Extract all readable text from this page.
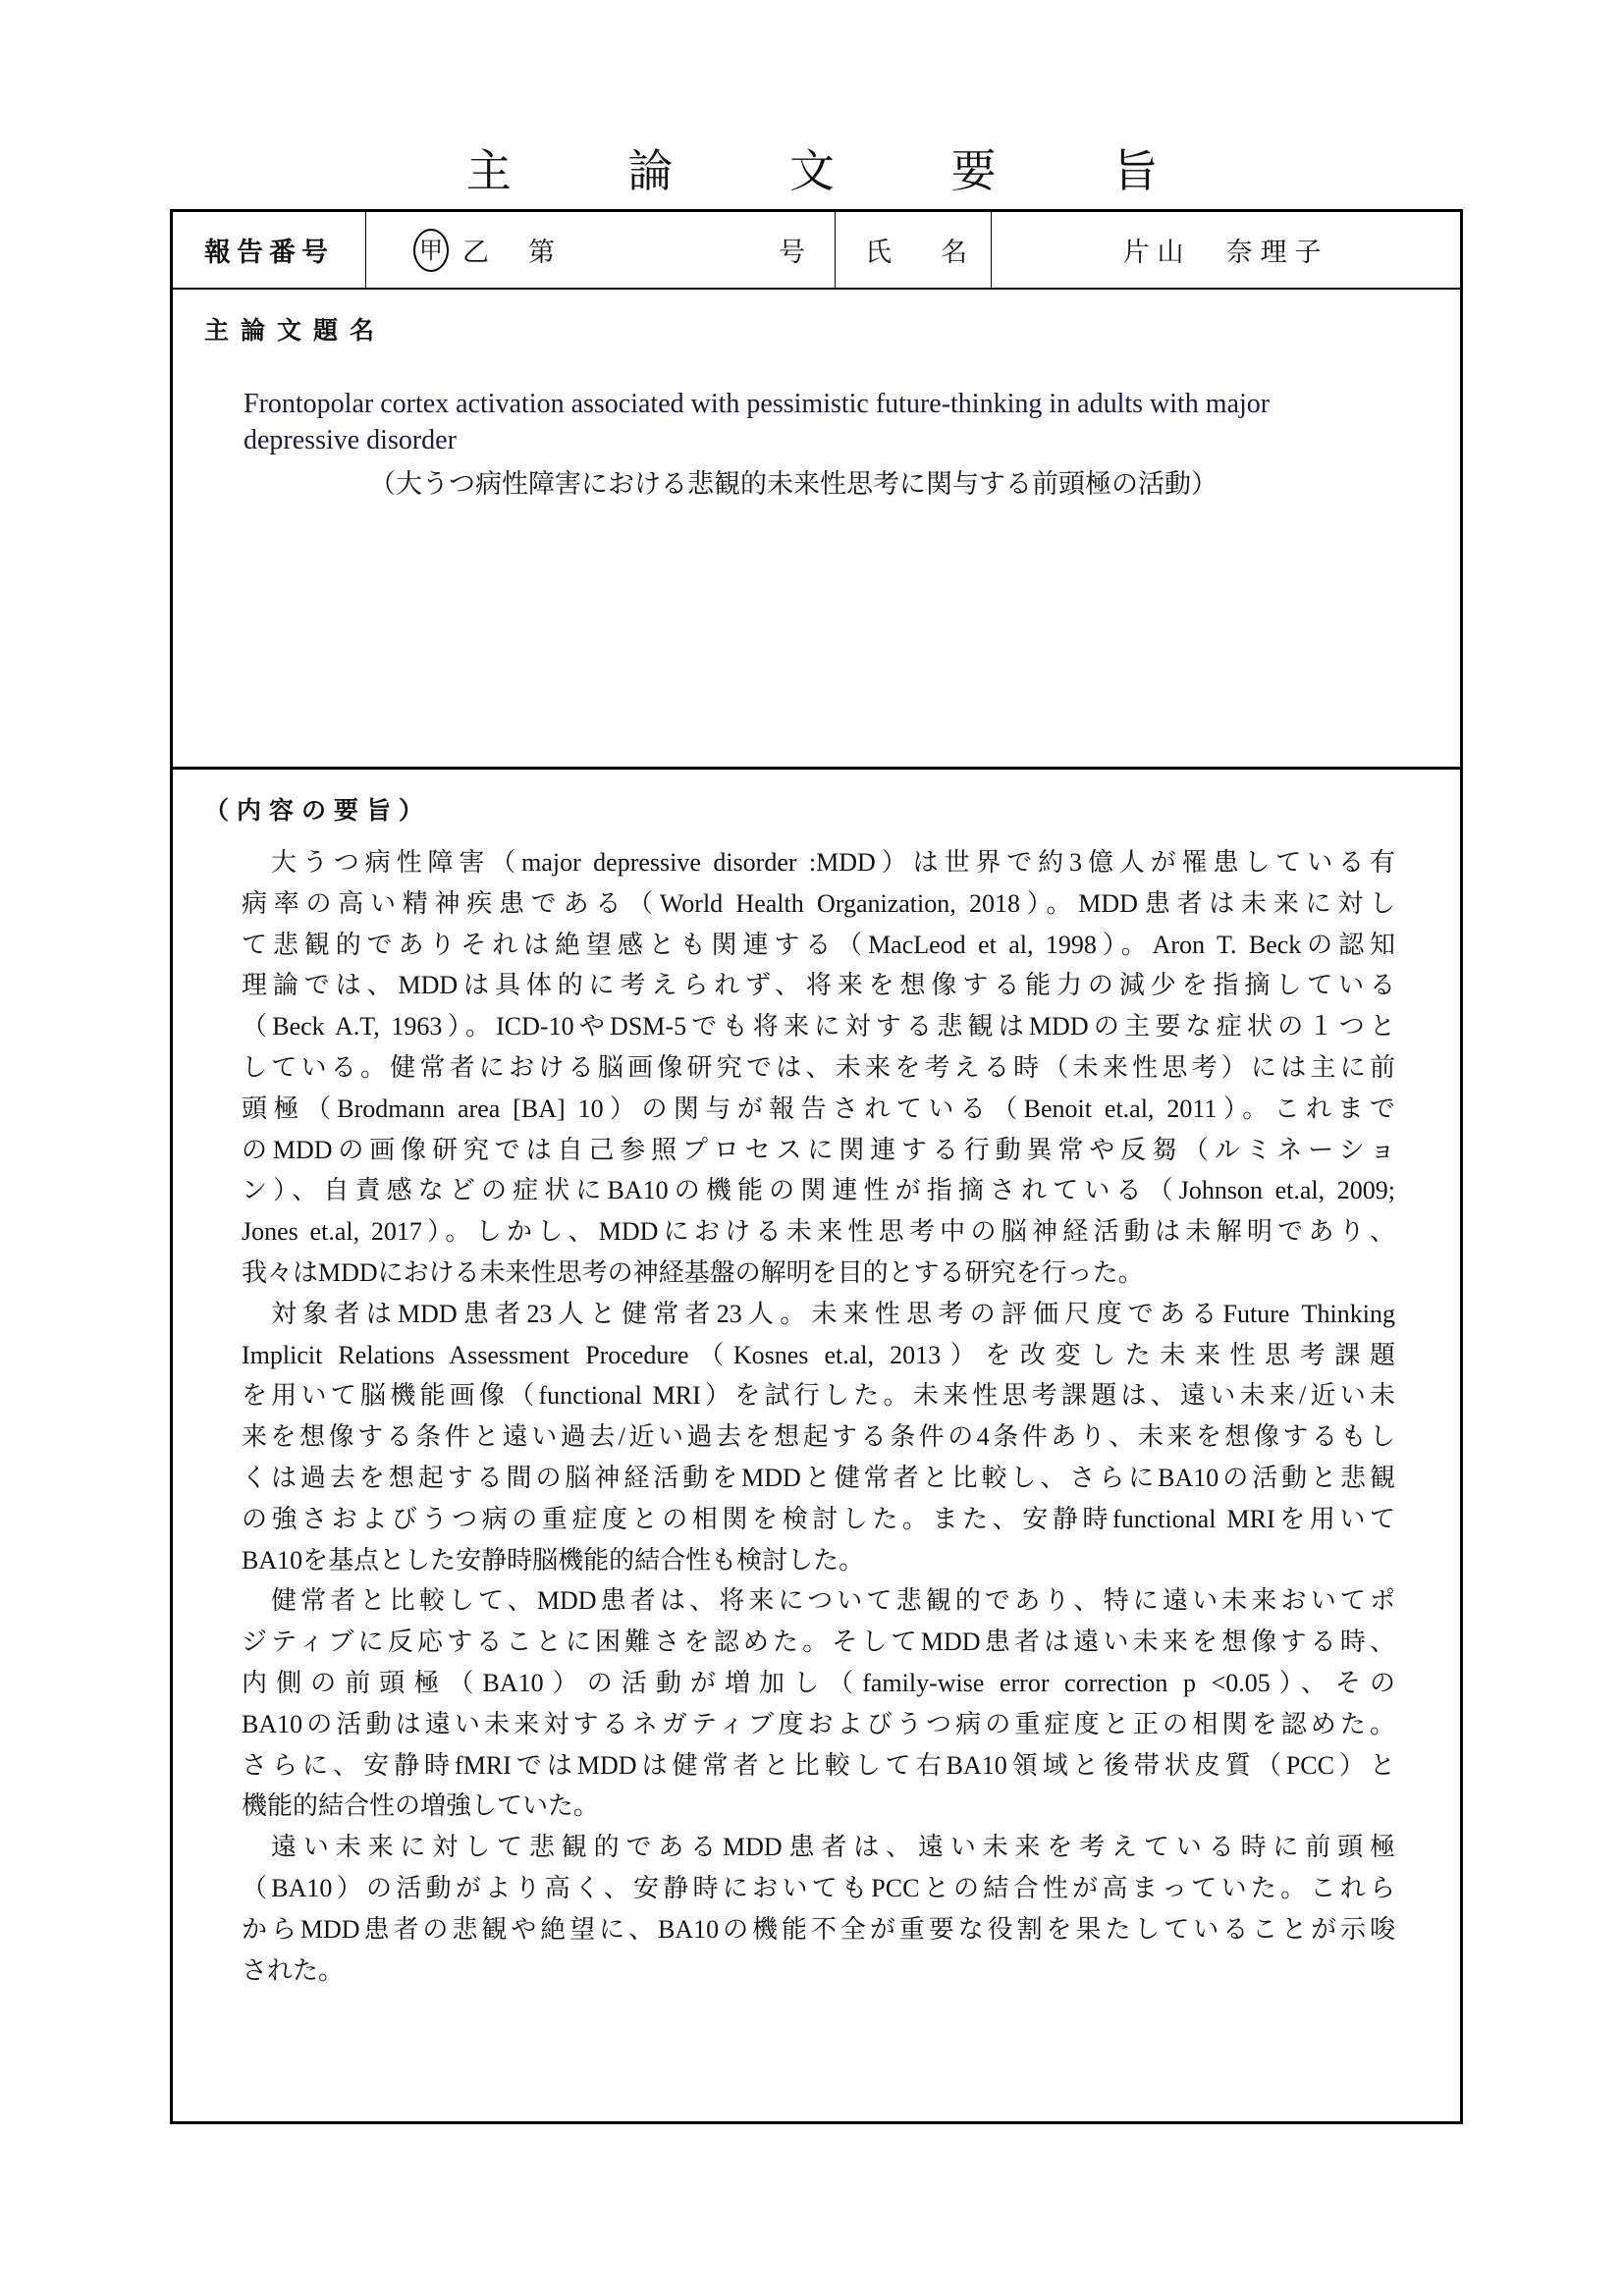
主 論 文 要 旨
報告番号	甲 乙 第	号 氏 名	片山　奈理子
主論文題名
Frontopolar cortex activation associated with pessimistic future-thinking in adults with major depressive disorder
（大うつ病性障害における悲観的未来性思考に関与する前頭極の活動）
（内容の要旨）
大うつ病性障害（major depressive disorder :MDD）は世界で約3億人が罹患している有
病率の高い精神疾患である（World Health Organization, 2018）。MDD患者は未来に対し
て悲観的でありそれは絶望感とも関連する（MacLeod et al, 1998）。Aron T. Beckの認知
理論では、MDDは具体的に考えられず、将来を想像する能力の減少を指摘している
（Beck A.T, 1963）。ICD-10やDSM-5でも将来に対する悲観はMDDの主要な症状の１つと
している。健常者における脳画像研究では、未来を考える時（未来性思考）には主に前
頭極（Brodmann area [BA] 10）の関与が報告されている（Benoit et.al, 2011）。これまで
のMDDの画像研究では自己参照プロセスに関連する行動異常や反芻（ルミネーショ
ン）、自責感などの症状にBA10の機能の関連性が指摘されている（Johnson et.al, 2009;
Jones et.al, 2017）。しかし、MDDにおける未来性思考中の脳神経活動は未解明であり、
我々はMDDにおける未来性思考の神経基盤の解明を目的とする研究を行った。
対象者はMDD患者23人と健常者23人。未来性思考の評価尺度であるFuture Thinking
Implicit Relations Assessment Procedure（Kosnes et.al, 2013）を改変した未来性思考課題
を用いて脳機能画像（functional MRI）を試行した。未来性思考課題は、遠い未来/近い未
来を想像する条件と遠い過去/近い過去を想起する条件の4条件あり、未来を想像するもし
くは過去を想起する間の脳神経活動をMDDと健常者と比較し、さらにBA10の活動と悲観
の強さおよびうつ病の重症度との相関を検討した。また、安静時functional MRIを用いて
BA10を基点とした安静時脳機能的結合性も検討した。
健常者と比較して、MDD患者は、将来について悲観的であり、特に遠い未来おいてポ
ジティブに反応することに困難さを認めた。そしてMDD患者は遠い未来を想像する時、
内側の前頭極（BA10）の活動が増加し（family-wise error correction p <0.05）、その
BA10の活動は遠い未来対するネガティブ度およびうつ病の重症度と正の相関を認めた。
さらに、安静時fMRIではMDDは健常者と比較して右BA10領域と後帯状皮質（PCC）と
機能的結合性の増強していた。
遠い未来に対して悲観的であるMDD患者は、遠い未来を考えている時に前頭極
（BA10）の活動がより高く、安静時においてもPCCとの結合性が高まっていた。これら
からMDD患者の悲観や絶望に、BA10の機能不全が重要な役割を果たしていることが示唆
された。
